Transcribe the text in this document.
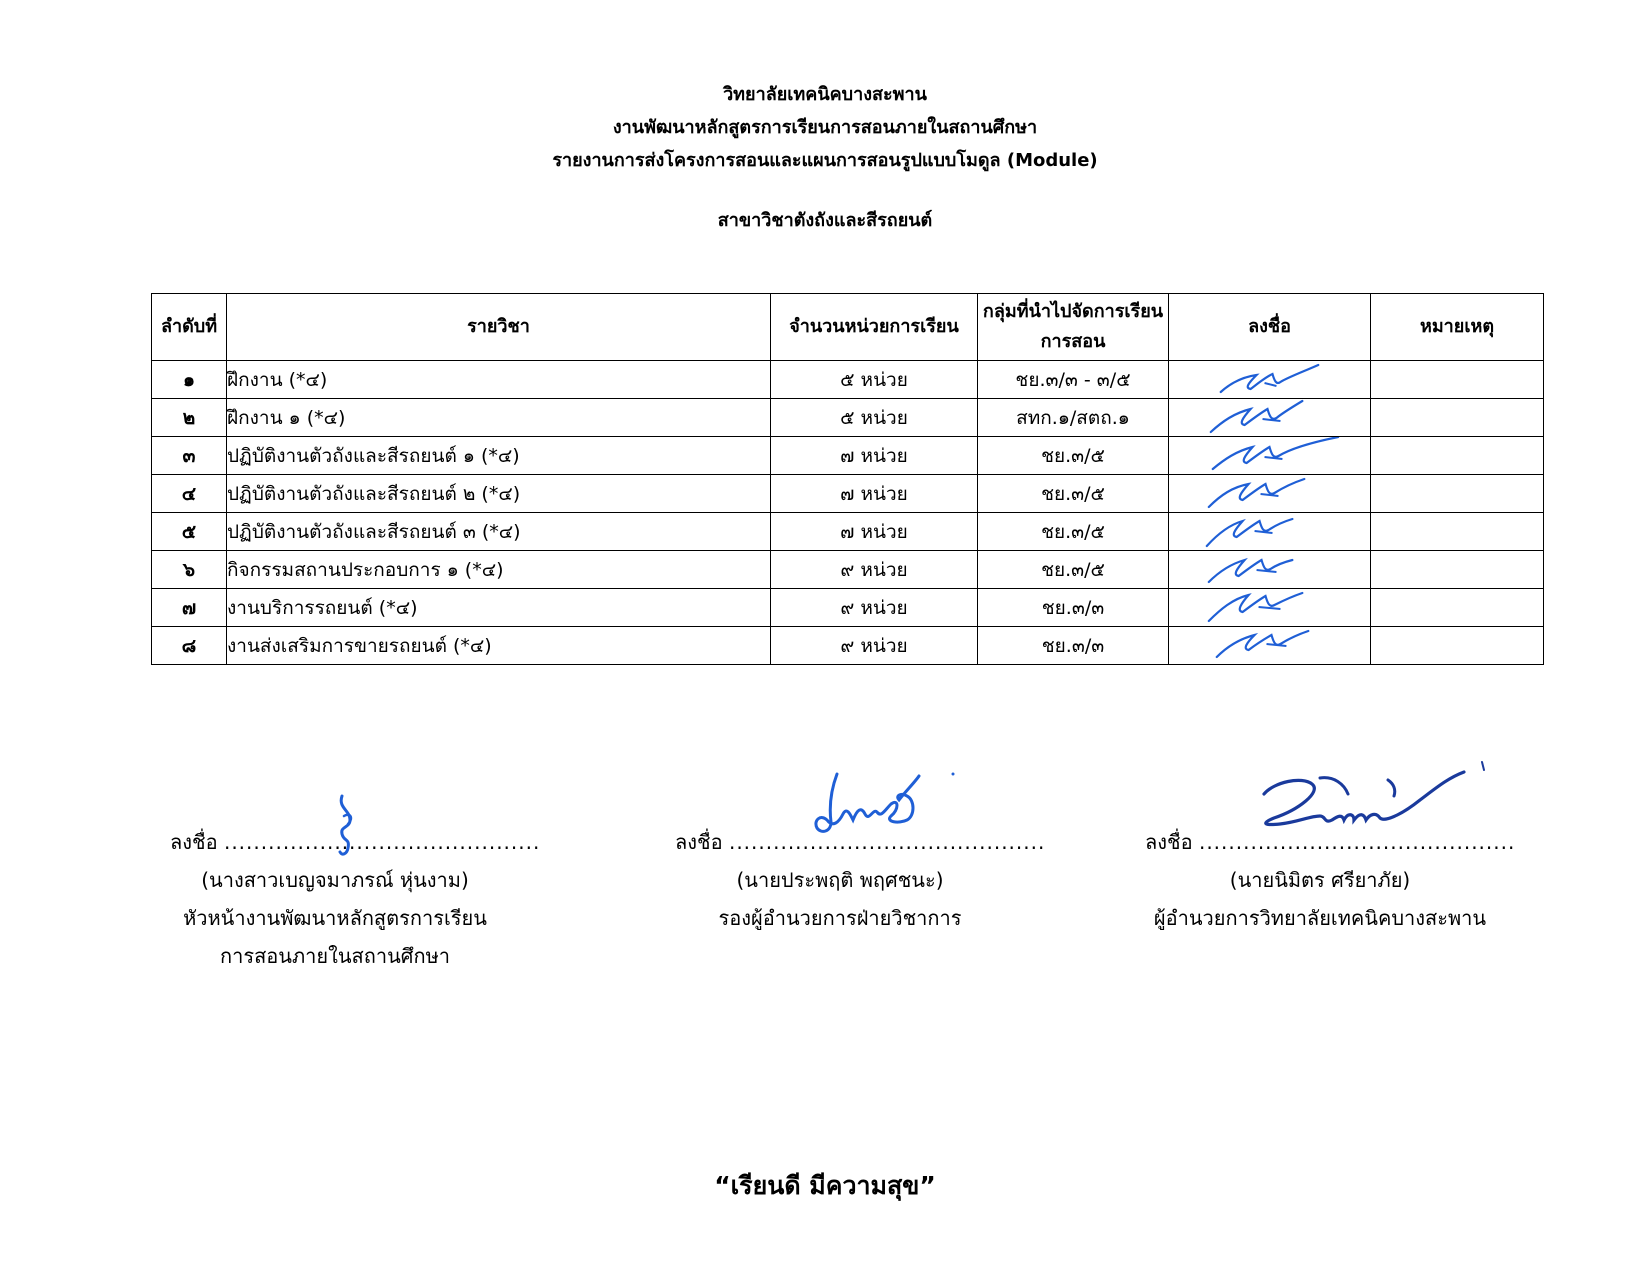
วิทยาลัยเทคนิคบางสะพาน
งานพัฒนาหลักสูตรการเรียนการสอนภายในสถานศึกษา
รายงานการส่งโครงการสอนและแผนการสอนรูปแบบโมดูล (Module)
สาขาวิชาตังถังและสีรถยนต์
ลำดับที่	รายวิชา	จำนวนหน่วยการเรียน	กลุ่มที่นำไปจัดการเรียนการสอน	ลงชื่อ	หมายเหตุ
๑	ฝึกงาน (*๔)	๕ หน่วย	ชย.๓/๓ - ๓/๕	

๒	ฝึกงาน ๑ (*๔)	๕ หน่วย	สทก.๑/สตถ.๑	

๓	ปฏิบัติงานตัวถังและสีรถยนต์ ๑ (*๔)	๗ หน่วย	ชย.๓/๕	

๔	ปฏิบัติงานตัวถังและสีรถยนต์ ๒ (*๔)	๗ หน่วย	ชย.๓/๕	

๕	ปฏิบัติงานตัวถังและสีรถยนต์ ๓ (*๔)	๗ หน่วย	ชย.๓/๕	

๖	กิจกรรมสถานประกอบการ ๑ (*๔)	๙ หน่วย	ชย.๓/๕	

๗	งานบริการรถยนต์ (*๔)	๙ หน่วย	ชย.๓/๓	

๘	งานส่งเสริมการขายรถยนต์ (*๔)	๙ หน่วย	ชย.๓/๓	

ลงชื่อ ...........................................
(นางสาวเบญจมาภรณ์ หุ่นงาม)
หัวหน้างานพัฒนาหลักสูตรการเรียน
การสอนภายในสถานศึกษา
ลงชื่อ ...........................................
(นายประพฤติ พฤศชนะ)
รองผู้อำนวยการฝ่ายวิชาการ
ลงชื่อ ...........................................
(นายนิมิตร ศรียาภัย)
ผู้อำนวยการวิทยาลัยเทคนิคบางสะพาน
“เรียนดี มีความสุข”
